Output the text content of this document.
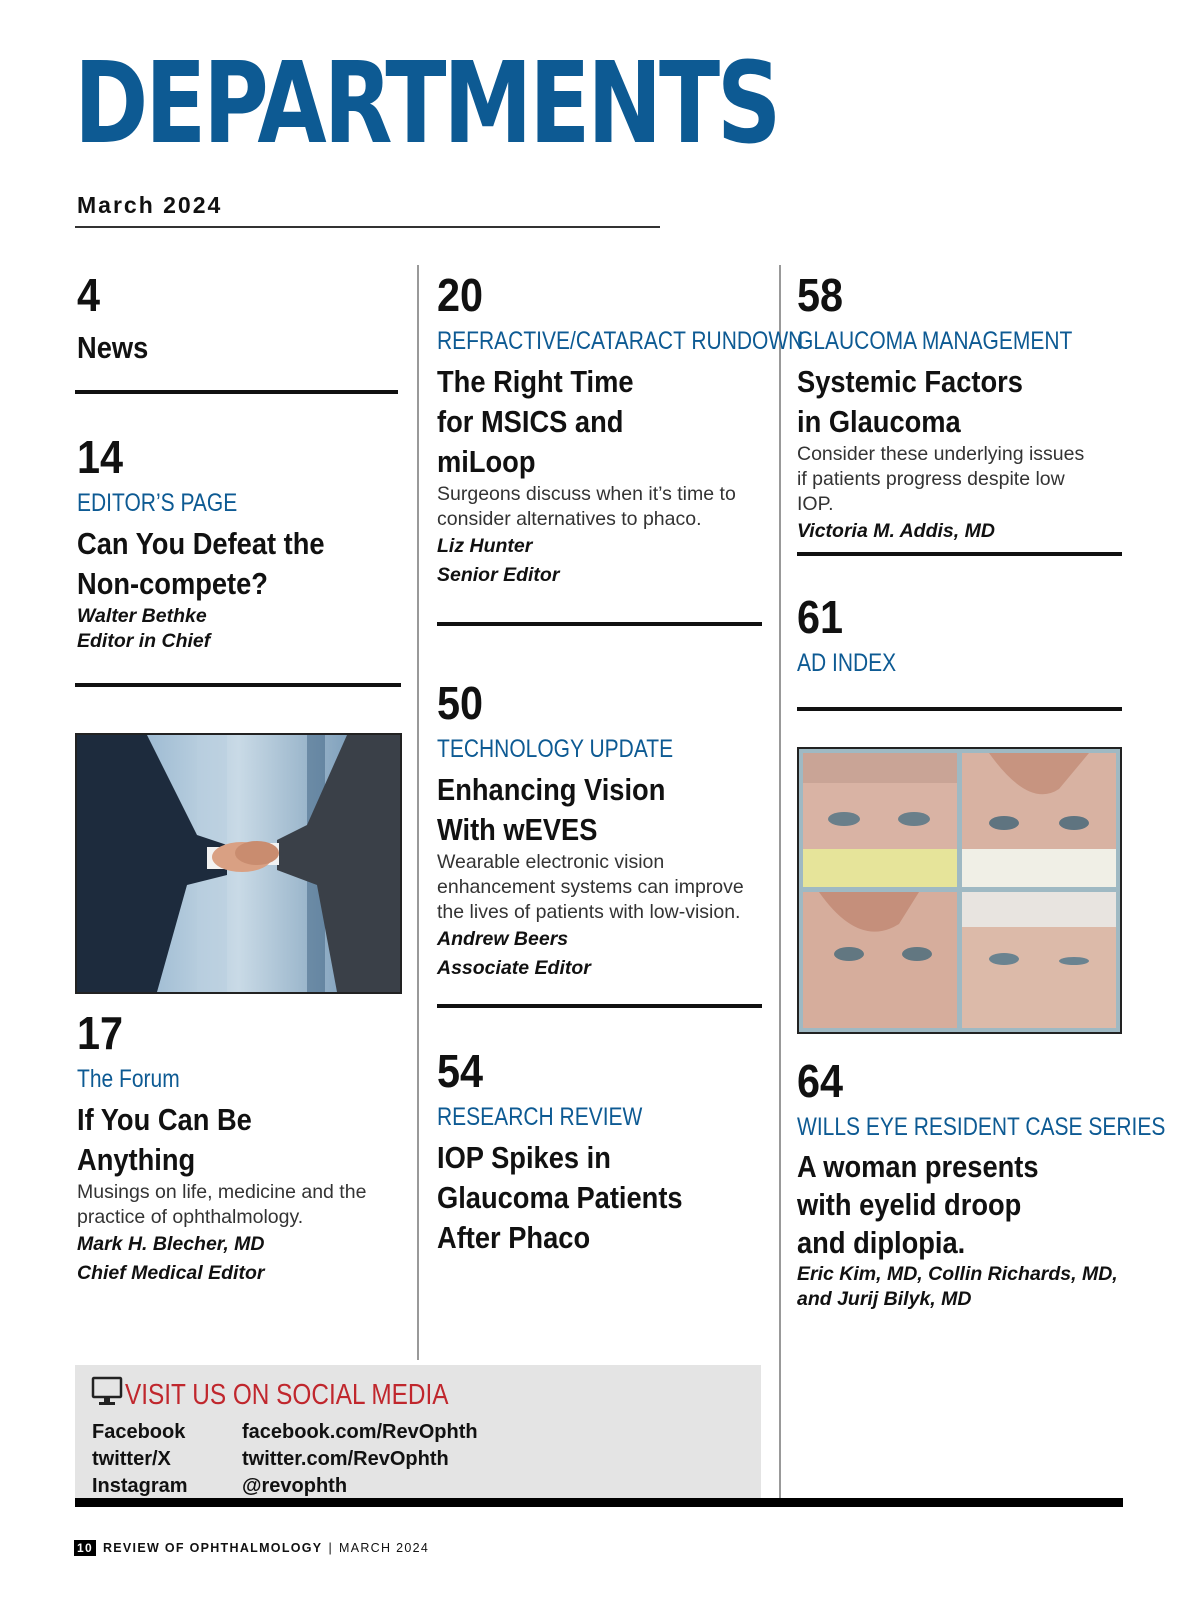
DEPARTMENTS
March 2024
4
News
14
EDITOR’S PAGE
Can You Defeat the Non-compete?
Walter Bethke
Editor in Chief
17
The Forum
If You Can Be Anything
Musings on life, medicine and the practice of ophthalmology.
Mark H. Blecher, MD
Chief Medical Editor
20
REFRACTIVE/CATARACT RUNDOWN
The Right Time for MSICS and miLoop
Surgeons discuss when it’s time to consider alternatives to phaco.
Liz Hunter
Senior Editor
50
TECHNOLOGY UPDATE
Enhancing Vision With wEVES
Wearable electronic vision enhancement systems can improve the lives of patients with low-vision.
Andrew Beers
Associate Editor
54
RESEARCH REVIEW
IOP Spikes in Glaucoma Patients After Phaco
58
GLAUCOMA MANAGEMENT
Systemic Factors in Glaucoma
Consider these underlying issues if patients progress despite low IOP.
Victoria M. Addis, MD
61
AD INDEX
64
WILLS EYE RESIDENT CASE SERIES
A woman presents with eyelid droop and diplopia.
Eric Kim, MD, Collin Richards, MD, and Jurij Bilyk, MD
VISIT US ON SOCIAL MEDIA
Facebook	facebook.com/RevOphth
twitter/X	twitter.com/RevOphth
Instagram	@revophth
10 REVIEW OF OPHTHALMOLOGY | MARCH 2024
